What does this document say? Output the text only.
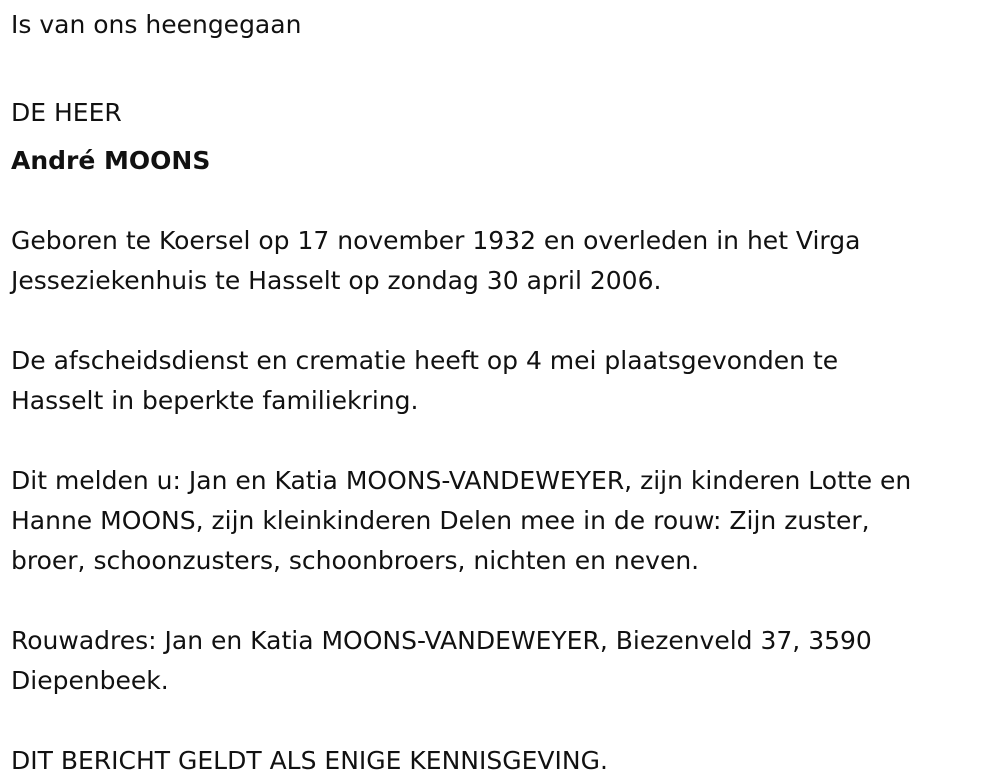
Is van ons heengegaan

DE HEER

André MOONS

Geboren te Koersel op 17 november 1932 en overleden in het Virga

Jesseziekenhuis te Hasselt op zondag 30 april 2006.

De afscheidsdienst en crematie heeft op 4 mei plaatsgevonden te

Hasselt in beperkte familiekring.

Dit melden u: Jan en Katia MOONS-VANDEWEYER, zijn kinderen Lotte en

Hanne MOONS, zijn kleinkinderen Delen mee in de rouw: Zijn zuster,

broer, schoonzusters, schoonbroers, nichten en neven.

Rouwadres: Jan en Katia MOONS-VANDEWEYER, Biezenveld 37, 3590

Diepenbeek.

DIT BERICHT GELDT ALS ENIGE KENNISGEVING.
